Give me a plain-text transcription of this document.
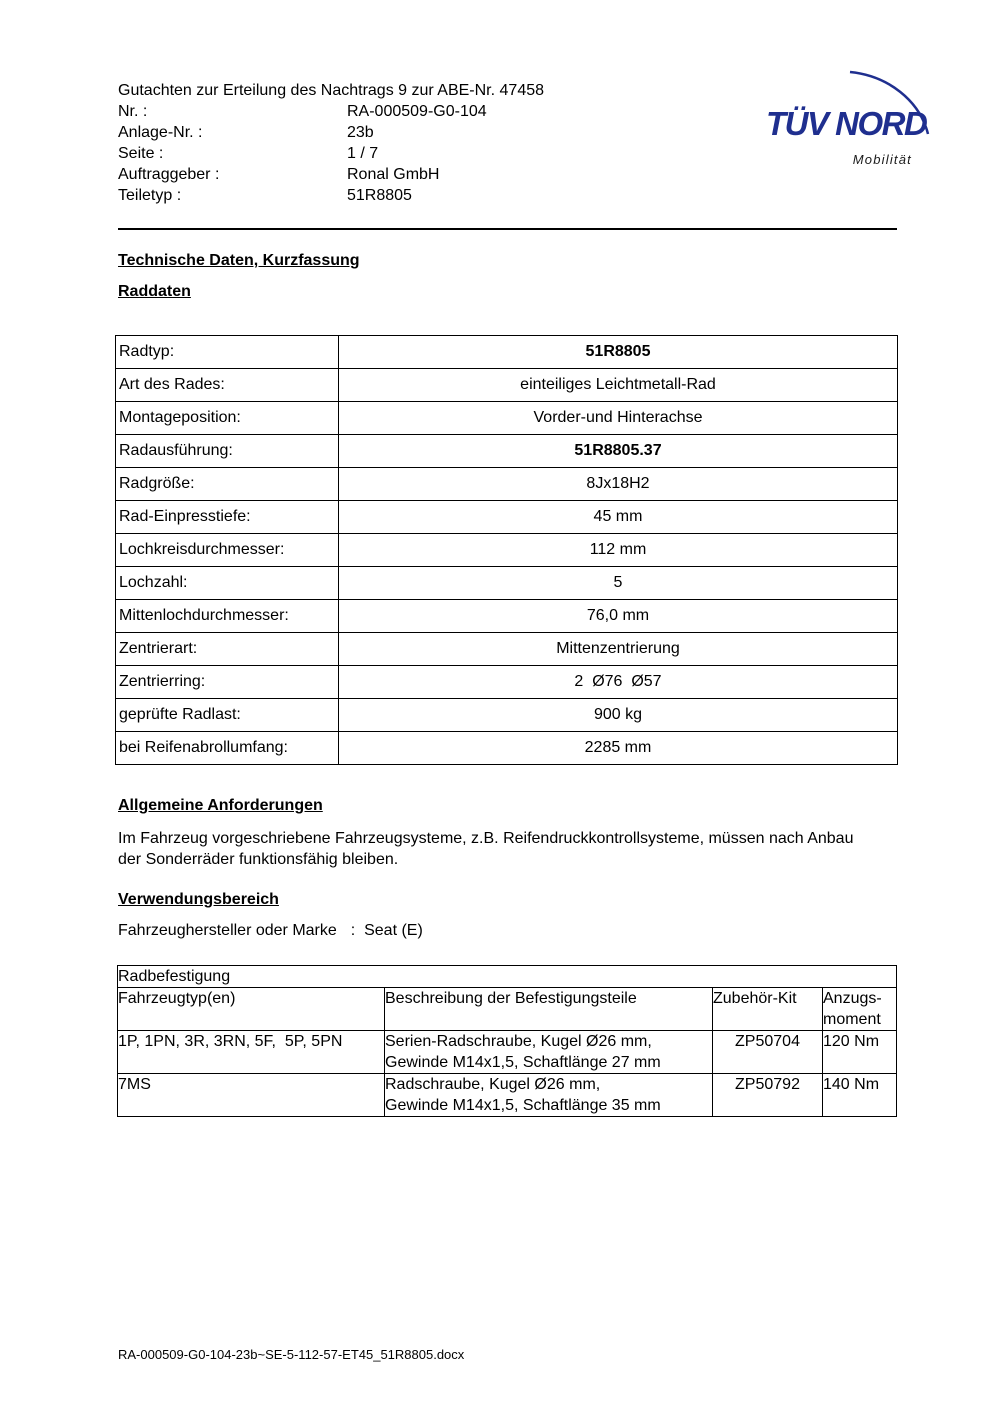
Gutachten zur Erteilung des Nachtrags 9 zur ABE-Nr. 47458
Nr. :	RA-000509-G0-104
Anlage-Nr. :	23b
Seite :	1 / 7
Auftraggeber :	Ronal GmbH
Teiletyp :	51R8805
TÜV NORD
Mobilität
Technische Daten, Kurzfassung
Raddaten
Radtyp:	51R8805
Art des Rades:	einteiliges Leichtmetall-Rad
Montageposition:	Vorder-und Hinterachse
Radausführung:	51R8805.37
Radgröße:	8Jx18H2
Rad-Einpresstiefe:	45 mm
Lochkreisdurchmesser:	112 mm
Lochzahl:	5
Mittenlochdurchmesser:	76,0 mm
Zentrierart:	Mittenzentrierung
Zentrierring:	2  Ø76  Ø57
geprüfte Radlast:	900 kg
bei Reifenabrollumfang:	2285 mm
Allgemeine Anforderungen
Im Fahrzeug vorgeschriebene Fahrzeugsysteme, z.B. Reifendruckkontrollsysteme, müssen nach Anbau der Sonderräder funktionsfähig bleiben.
Verwendungsbereich
Fahrzeughersteller oder Marke : Seat (E)
Radbefestigung			
Fahrzeugtyp(en)	Beschreibung der Befestigungsteile	Zubehör-Kit	Anzugs-
moment

1P, 1PN, 3R, 3RN, 5F,  5P, 5PN	Serien-Radschraube, Kugel Ø26 mm,
Gewinde M14x1,5, Schaftlänge 27 mm	ZP50704	120 Nm
7MS	Radschraube, Kugel Ø26 mm,
Gewinde M14x1,5, Schaftlänge 35 mm	ZP50792	140 Nm
RA-000509-G0-104-23b~SE-5-112-57-ET45_51R8805.docx
